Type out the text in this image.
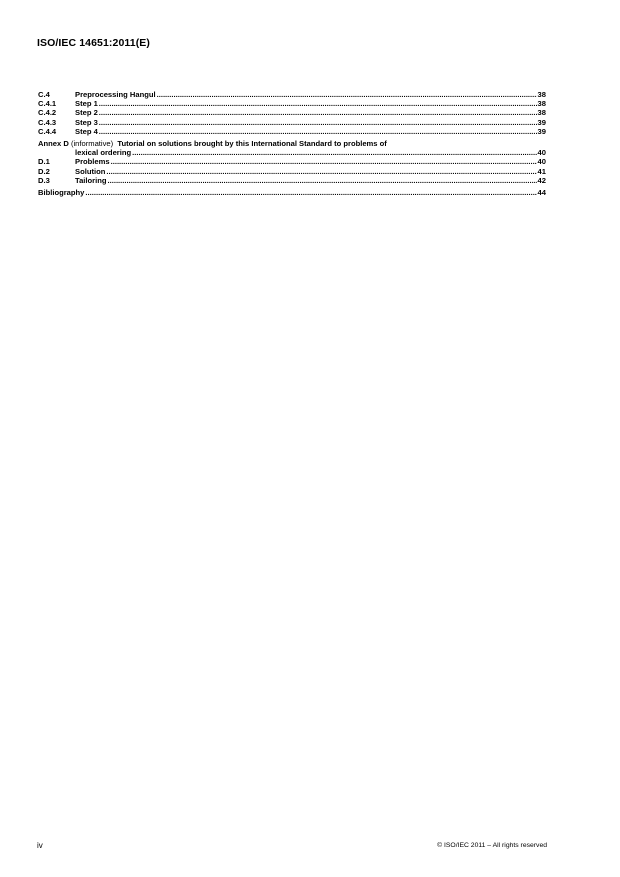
ISO/IEC 14651:2011(E)
C.4	Preprocessing Hangul .....	38
C.4.1	Step 1 .....	38
C.4.2	Step 2 .....	38
C.4.3	Step 3 .....	39
C.4.4	Step 4 .....	39
Annex D (informative) Tutorial on solutions brought by this International Standard to problems of
lexical ordering .....	40
D.1	Problems .....	40
D.2	Solution .....	41
D.3	Tailoring .....	42
Bibliography .....	44
iv	© ISO/IEC 2011 – All rights reserved
